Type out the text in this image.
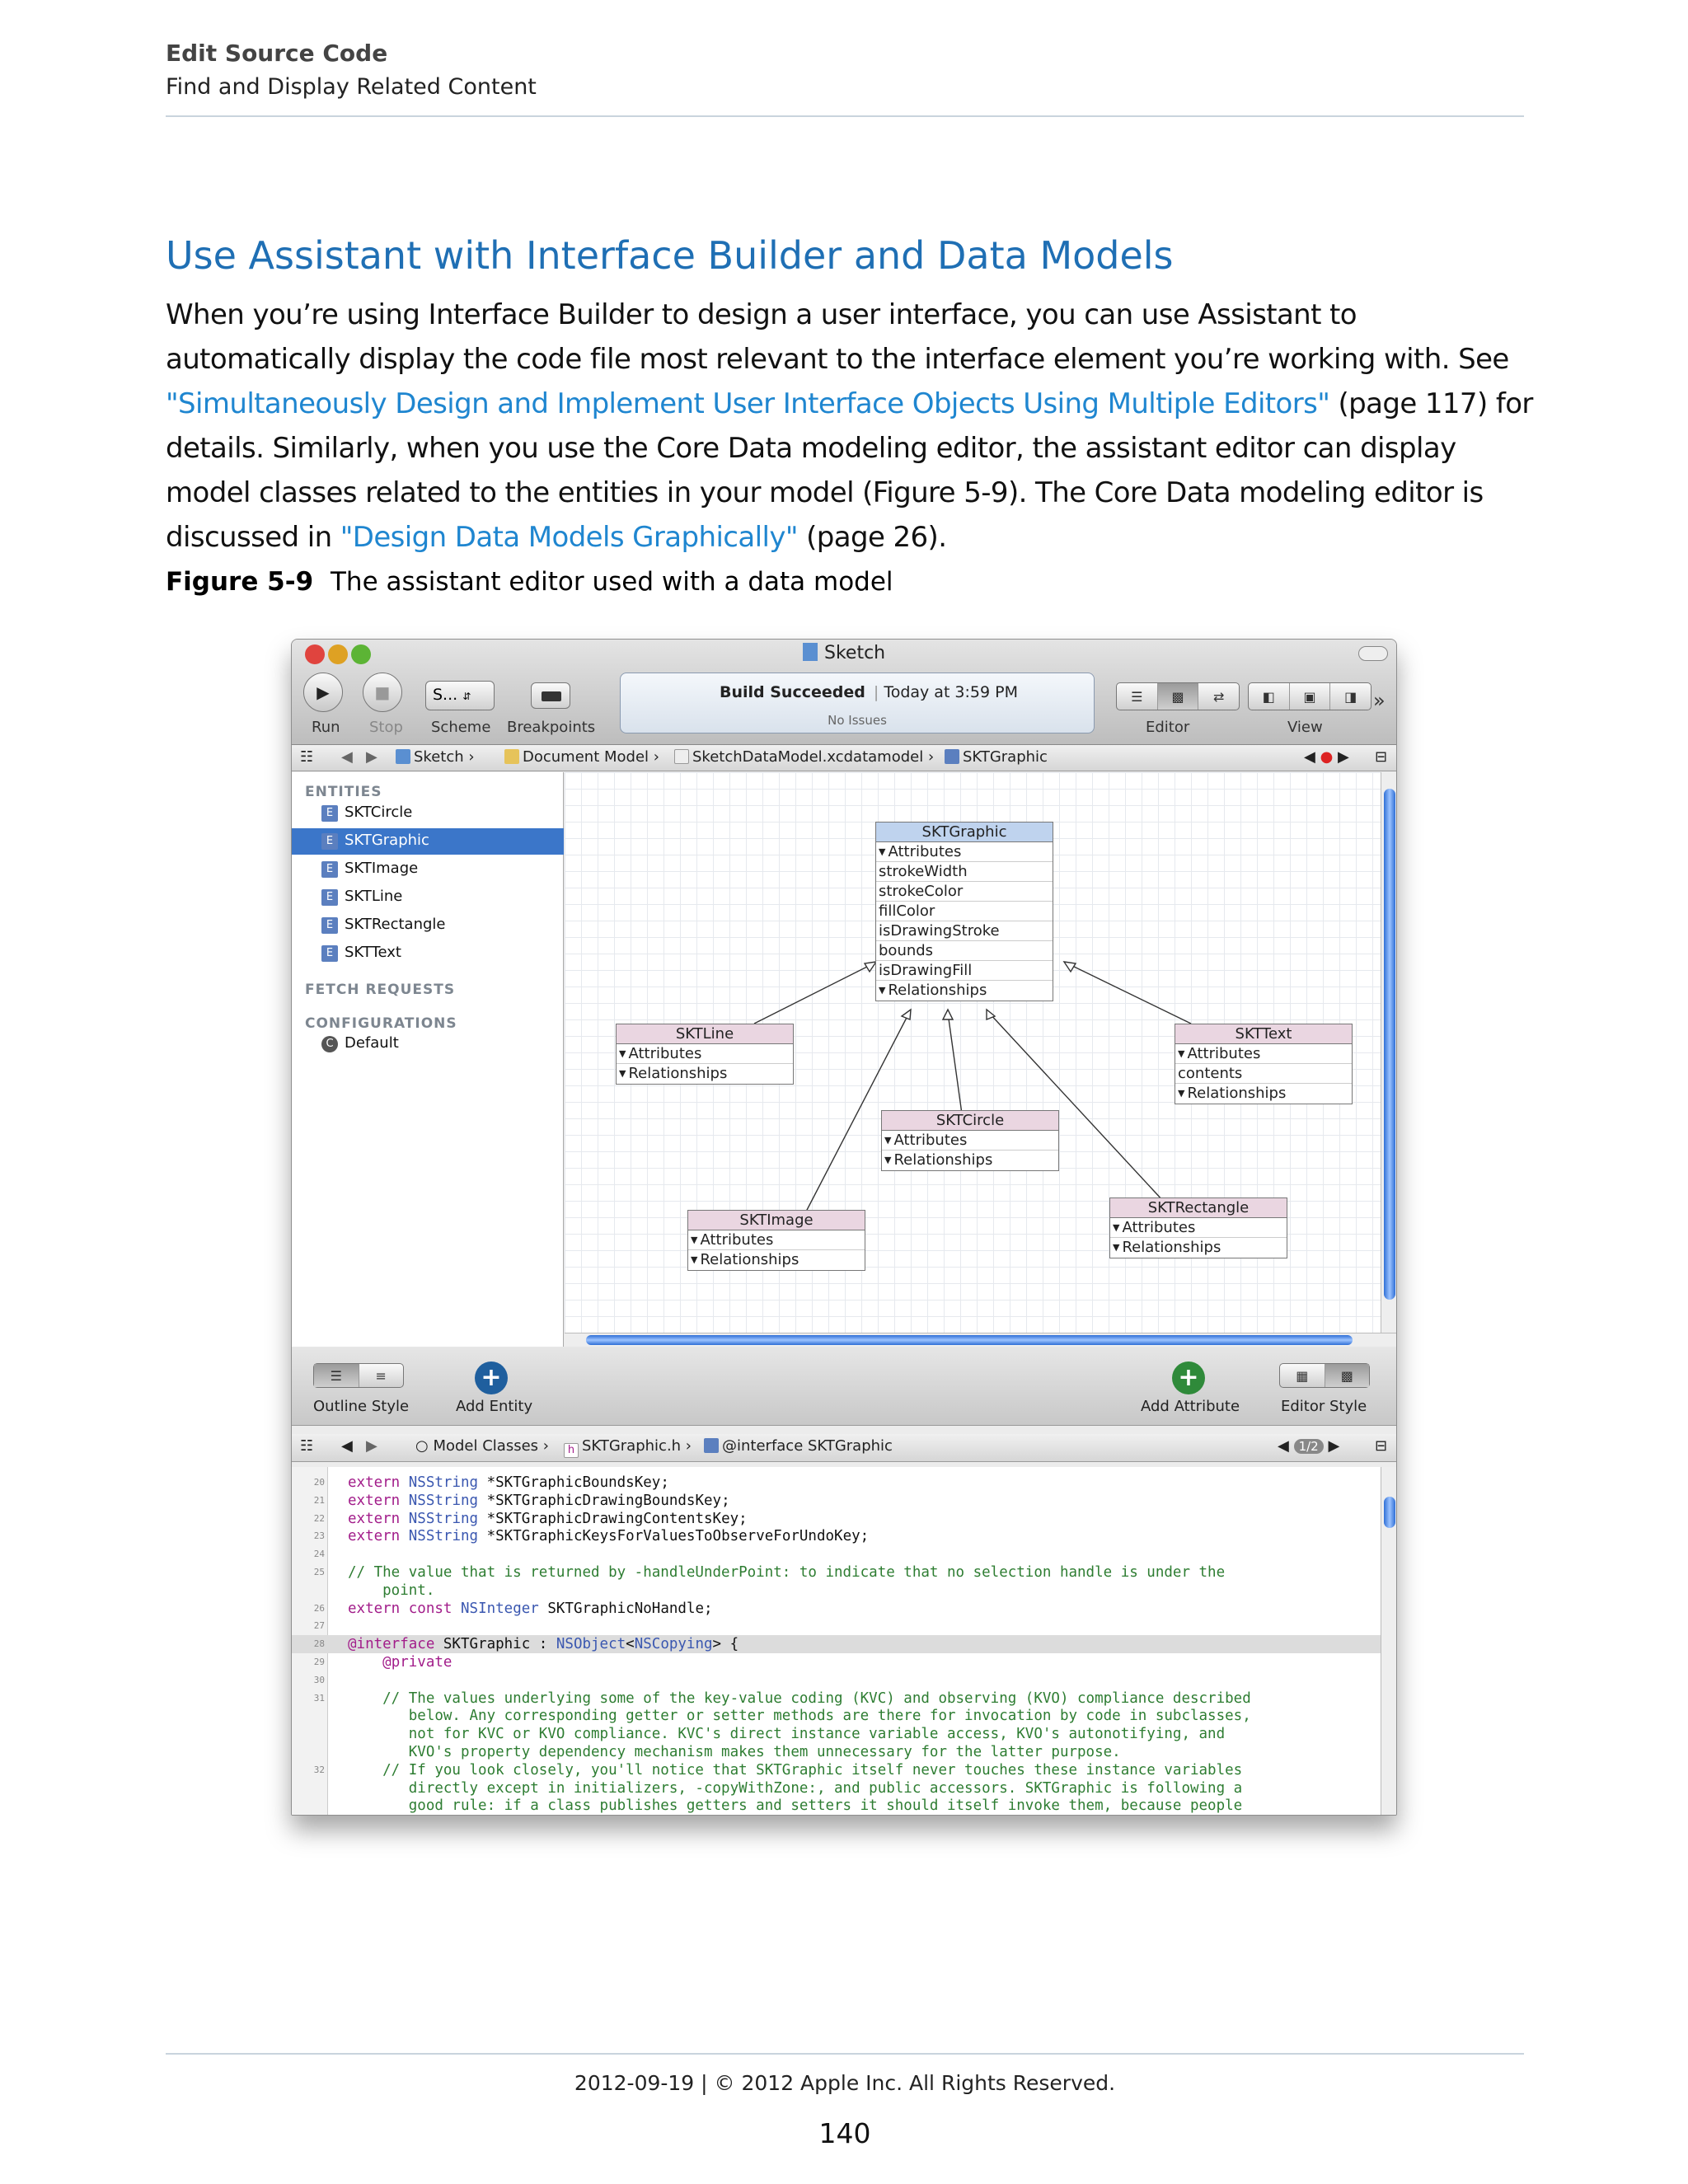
Edit Source Code
Find and Display Related Content
Use Assistant with Interface Builder and Data Models
When you’re using Interface Builder to design a user interface, you can use Assistant to automatically display the code file most relevant to the interface element you’re working with. See "Simultaneously Design and Implement User Interface Objects Using Multiple Editors" (page 117) for details. Similarly, when you use the Core Data modeling editor, the assistant editor can display model classes related to the entities in your model (Figure 5-9). The Core Data modeling editor is discussed in "Design Data Models Graphically" (page 26).
Figure 5-9 The assistant editor used with a data model
Sketch
▶
Run
■
Stop
S... ⇵
Scheme Breakpoints
Build Succeeded | Today at 3:59 PM
No Issues
☰	▩	⇄
Editor
◧	▣	◨
View
»
☷ ◀ ▶	Sketch ›	Document Model ›	SketchDataModel.xcdatamodel ›	SKTGraphic	◀ ● ▶ ⊟
ENTITIES
E SKTCircle
E SKTGraphic
E SKTImage
E SKTLine
E SKTRectangle
E SKTText
FETCH REQUESTS
CONFIGURATIONS
C Default
SKTGraphic
▼ Attributes
strokeWidth
strokeColor
fillColor
isDrawingStroke
bounds
isDrawingFill
▼ Relationships
SKTLine
▼ Attributes
▼ Relationships
SKTText
▼ Attributes
contents
▼ Relationships
SKTCircle
▼ Attributes
▼ Relationships
SKTImage
▼ Attributes
▼ Relationships
SKTRectangle
▼ Attributes
▼ Relationships
☰	≡
Outline Style
+
Add Entity
+
Add Attribute
▦	▩
Editor Style
☷ ◀ ▶	○ Model Classes ›	h SKTGraphic.h ›	@interface SKTGraphic	◀ 1/2 ▶ ⊟

20 extern NSString *SKTGraphicBoundsKey;
21 extern NSString *SKTGraphicDrawingBoundsKey;
22 extern NSString *SKTGraphicDrawingContentsKey;
23 extern NSString *SKTGraphicKeysForValuesToObserveForUndoKey;
24
25 // The value that is returned by -handleUnderPoint: to indicate that no selection handle is under the
point.
26 extern const NSInteger SKTGraphicNoHandle;
27
28 @interface SKTGraphic : NSObject<NSCopying> {
29	@private
30
31 // The values underlying some of the key-value coding (KVC) and observing (KVO) compliance described
below. Any corresponding getter or setter methods are there for invocation by code in subclasses,
not for KVC or KVO compliance. KVC's direct instance variable access, KVO's autonotifying, and
KVO's property dependency mechanism makes them unnecessary for the latter purpose.
32 // If you look closely, you'll notice that SKTGraphic itself never touches these instance variables
directly except in initializers, -copyWithZone:, and public accessors. SKTGraphic is following a
good rule: if a class publishes getters and setters it should itself invoke them, because people

2012-09-19 | © 2012 Apple Inc. All Rights Reserved.
140
